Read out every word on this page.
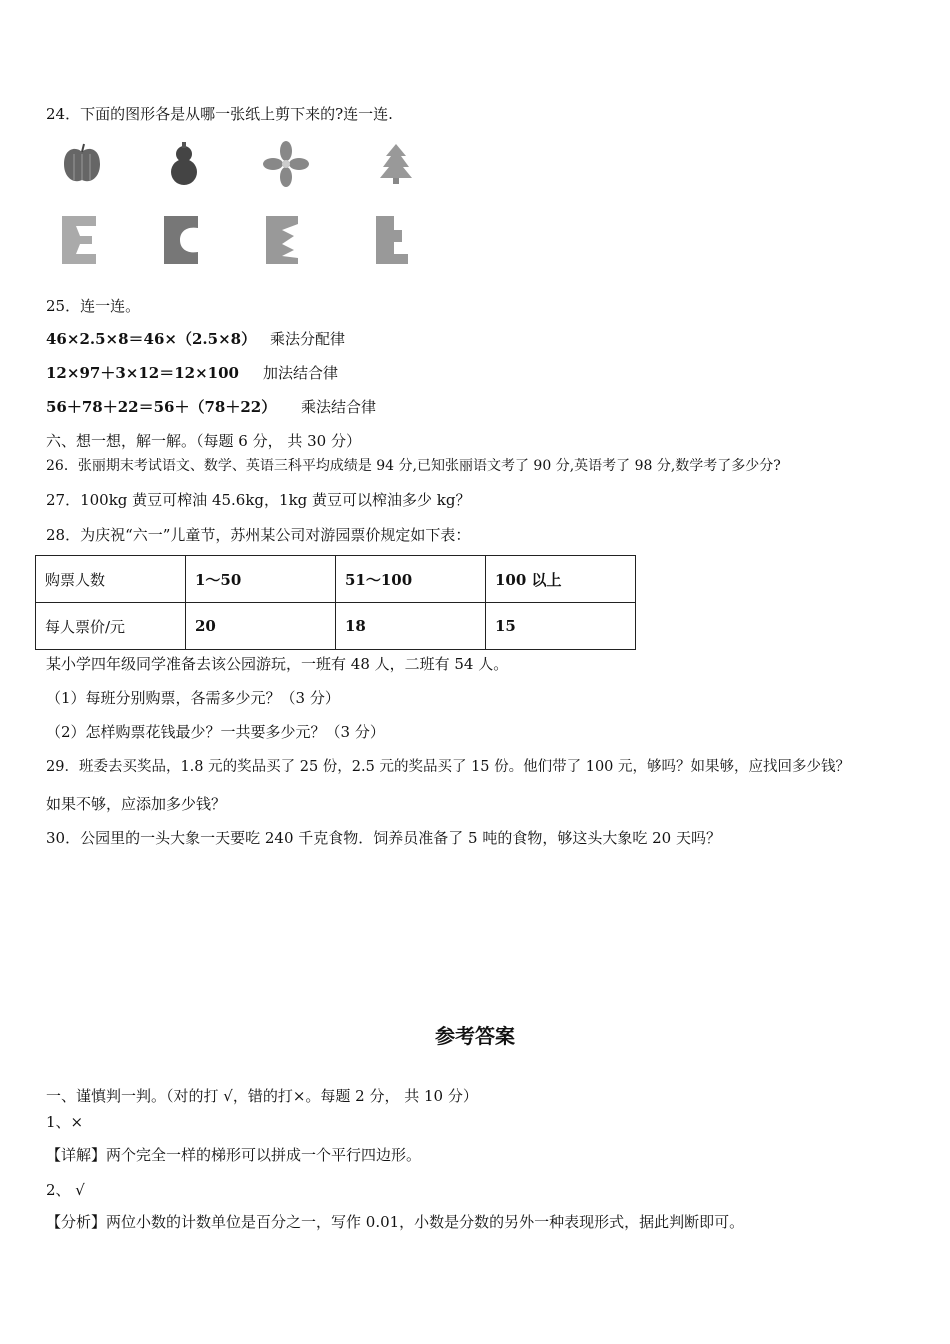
24．下面的图形各是从哪一张纸上剪下来的?连一连.
25．连一连。
46×2.5×8＝46×（2.5×8） 乘法分配律
12×97＋3×12＝12×100 加法结合律
56＋78＋22＝56＋（78＋22） 乘法结合律
六、想一想，解一解。（每题 6 分， 共 30 分）
26．张丽期末考试语文、数学、英语三科平均成绩是 94 分,已知张丽语文考了 90 分,英语考了 98 分,数学考了多少分?
27．100kg 黄豆可榨油 45.6kg，1kg 黄豆可以榨油多少 kg？
28．为庆祝“六一”儿童节，苏州某公司对游园票价规定如下表：
购票人数	1～50	51～100	100 以上
每人票价/元	20	18	15
某小学四年级同学准备去该公园游玩，一班有 48 人，二班有 54 人。
（1）每班分别购票，各需多少元？（3 分）
（2）怎样购票花钱最少？一共要多少元？（3 分）
29．班委去买奖品，1.8 元的奖品买了 25 份，2.5 元的奖品买了 15 份。他们带了 100 元，够吗？如果够，应找回多少钱？
如果不够，应添加多少钱？
30．公园里的一头大象一天要吃 240 千克食物．饲养员准备了 5 吨的食物，够这头大象吃 20 天吗？
参考答案
一、谨慎判一判。（对的打 √，错的打×。每题 2 分， 共 10 分）
1、×
【详解】两个完全一样的梯形可以拼成一个平行四边形。
2、 √
【分析】两位小数的计数单位是百分之一，写作 0.01，小数是分数的另外一种表现形式，据此判断即可。
